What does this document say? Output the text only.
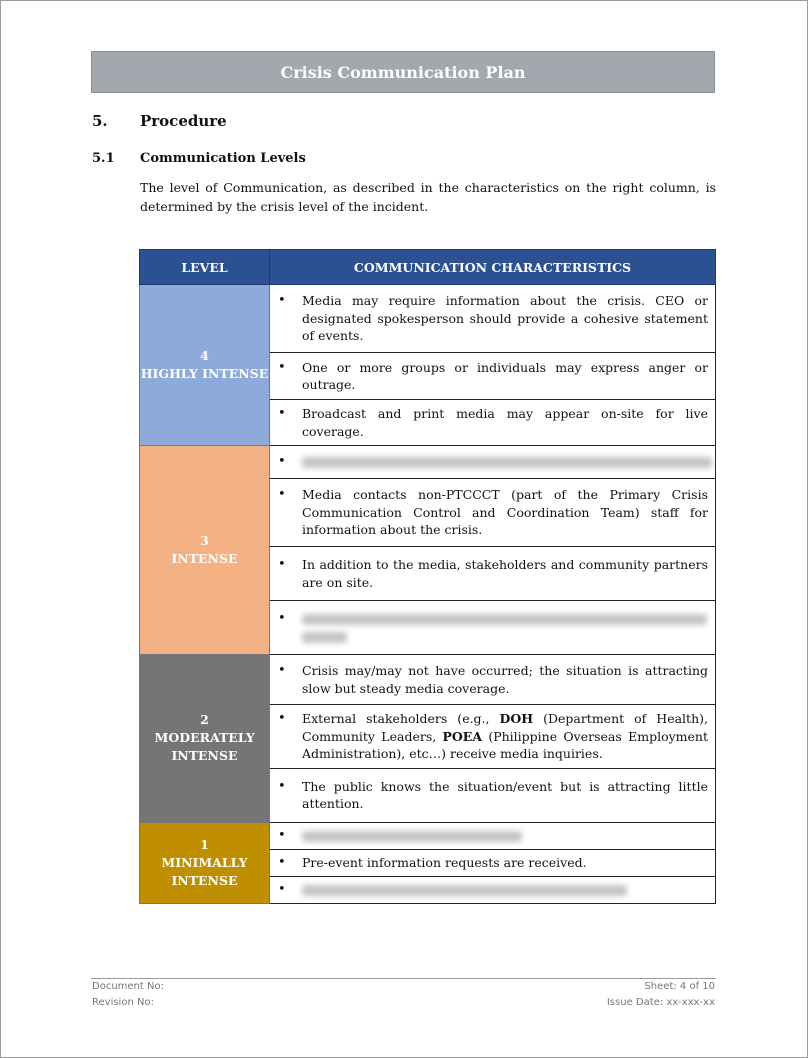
Crisis Communication Plan
5. Procedure
5.1 Communication Levels
The level of Communication, as described in the characteristics on the right column, is determined by the crisis level of the incident.
LEVEL	COMMUNICATION CHARACTERISTICS

4
HIGHLY INTENSE	• Media may require information about the crisis. CEO or designated spokesperson should provide a cohesive statement of events.

	• One or more groups or individuals may express anger or outrage.

	• Broadcast and print media may appear on-site for live coverage.

3
INTENSE	•

	• Media contacts non-PTCCCT (part of the Primary Crisis Communication Control and Coordination Team) staff for information about the crisis.

	• In addition to the media, stakeholders and community partners are on site.

	•

2
MODERATELY INTENSE	• Crisis may/may not have occurred; the situation is attracting slow but steady media coverage.

	• External stakeholders (e.g., DOH (Department of Health), Community Leaders, POEA (Philippine Overseas Employment Administration), etc…) receive media inquiries.

	• The public knows the situation/event but is attracting little attention.

1
MINIMALLY INTENSE	•

	• Pre-event information requests are received.

	•
Document No:
Revision No:
Sheet: 4 of 10
Issue Date: xx-xxx-xx
